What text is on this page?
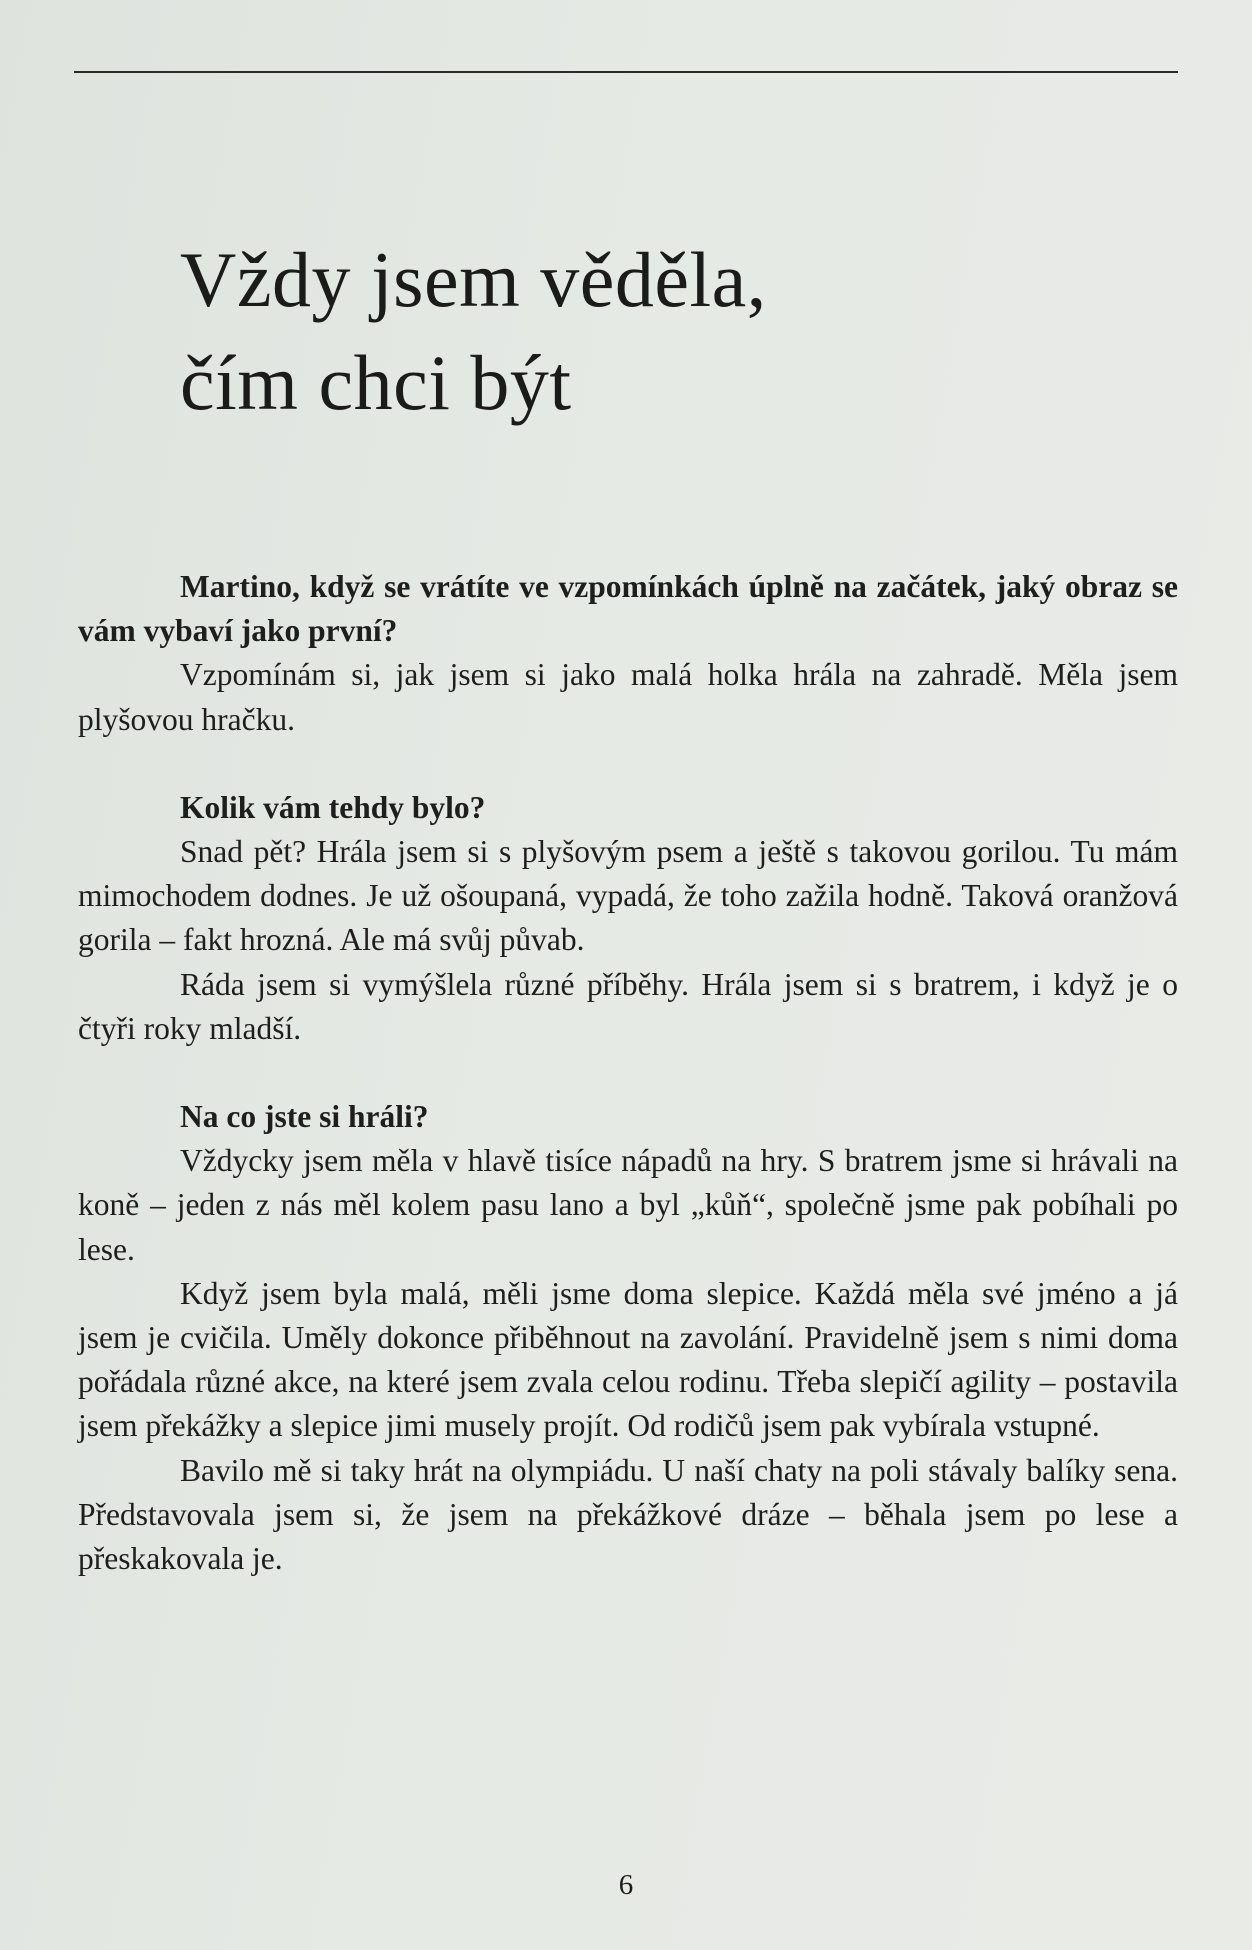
Vždy jsem věděla,
čím chci být

Martino, když se vrátíte ve vzpomínkách úplně na začátek, jaký obraz se vám vybaví jako první?

Vzpomínám si, jak jsem si jako malá holka hrála na zahradě. Měla jsem plyšovou hračku.

Kolik vám tehdy bylo?

Snad pět? Hrála jsem si s plyšovým psem a ještě s takovou gorilou. Tu mám mimochodem dodnes. Je už ošoupaná, vypadá, že toho zažila hodně. Taková oranžová gorila – fakt hrozná. Ale má svůj půvab.

Ráda jsem si vymýšlela různé příběhy. Hrála jsem si s bratrem, i když je o čtyři roky mladší.

Na co jste si hráli?

Vždycky jsem měla v hlavě tisíce nápadů na hry. S bratrem jsme si hrávali na koně – jeden z nás měl kolem pasu lano a byl „kůň“, společně jsme pak pobíhali po lese.

Když jsem byla malá, měli jsme doma slepice. Každá měla své jméno a já jsem je cvičila. Uměly dokonce přiběhnout na zavolání. Pravidelně jsem s nimi doma pořádala různé akce, na které jsem zvala celou rodinu. Třeba slepičí agility – postavila jsem překážky a slepice jimi musely projít. Od rodičů jsem pak vybírala vstupné.

Bavilo mě si taky hrát na olympiádu. U naší chaty na poli stávaly balíky sena. Představovala jsem si, že jsem na překážkové dráze – běhala jsem po lese a přeskakovala je.

6
